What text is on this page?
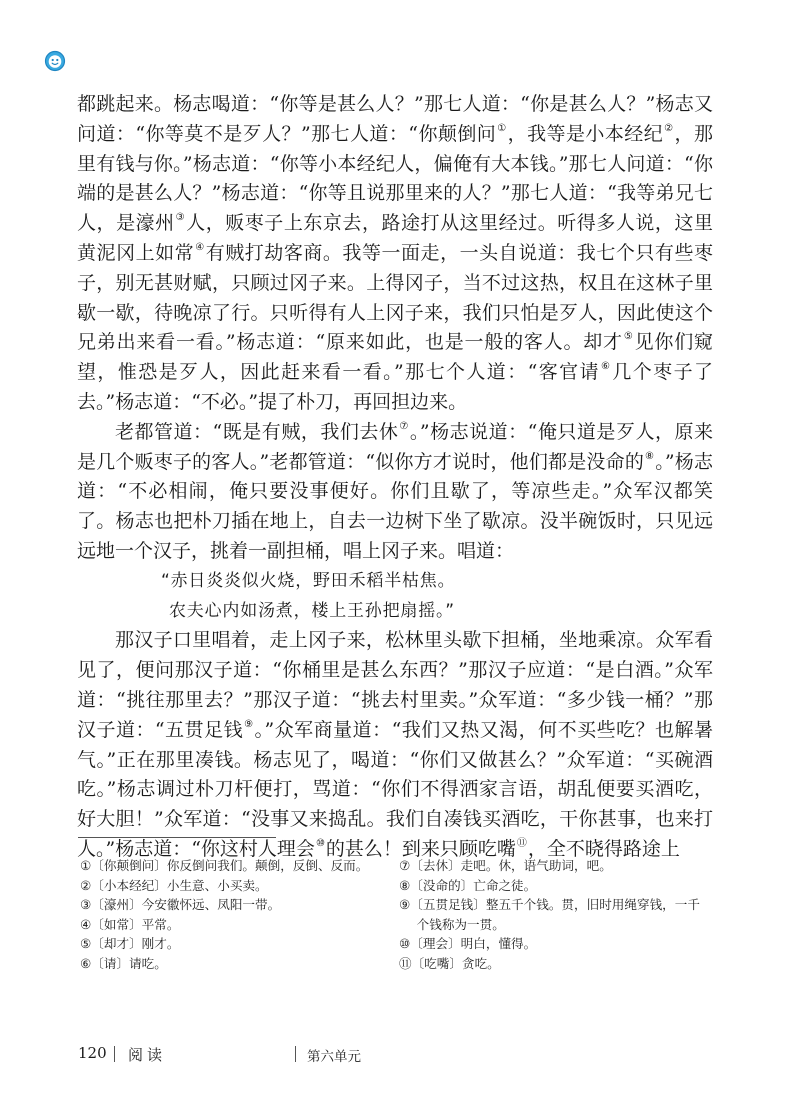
都跳起来。杨志喝道：“你等是甚么人？”那七人道：“你是甚么人？”杨志又问道：“你等莫不是歹人？”那七人道：“你颠倒问①，我等是小本经纪②，那里有钱与你。”杨志道：“你等小本经纪人，偏俺有大本钱。”那七人问道：“你端的是甚么人？”杨志道：“你等且说那里来的人？”那七人道：“我等弟兄七人，是濠州③人，贩枣子上东京去，路途打从这里经过。听得多人说，这里黄泥冈上如常④有贼打劫客商。我等一面走，一头自说道：我七个只有些枣子，别无甚财赋，只顾过冈子来。上得冈子，当不过这热，权且在这林子里歇一歇，待晚凉了行。只听得有人上冈子来，我们只怕是歹人，因此使这个兄弟出来看一看。”杨志道：“原来如此，也是一般的客人。却才⑤见你们窥望，惟恐是歹人，因此赶来看一看。”那七个人道：“客官请⑥几个枣子了去。”杨志道：“不必。”提了朴刀，再回担边来。

老都管道：“既是有贼，我们去休⑦。”杨志说道：“俺只道是歹人，原来是几个贩枣子的客人。”老都管道：“似你方才说时，他们都是没命的⑧。”杨志道：“不必相闹，俺只要没事便好。你们且歇了，等凉些走。”众军汉都笑了。杨志也把朴刀插在地上，自去一边树下坐了歇凉。没半碗饭时，只见远远地一个汉子，挑着一副担桶，唱上冈子来。唱道：

“赤日炎炎似火烧，野田禾稻半枯焦。
农夫心内如汤煮，楼上王孙把扇摇。”

那汉子口里唱着，走上冈子来，松林里头歇下担桶，坐地乘凉。众军看见了，便问那汉子道：“你桶里是甚么东西？”那汉子应道：“是白酒。”众军道：“挑往那里去？”那汉子道：“挑去村里卖。”众军道：“多少钱一桶？”那汉子道：“五贯足钱⑨。”众军商量道：“我们又热又渴，何不买些吃？也解暑气。”正在那里凑钱。杨志见了，喝道：“你们又做甚么？”众军道：“买碗酒吃。”杨志调过朴刀杆便打，骂道：“你们不得洒家言语，胡乱便要买酒吃，好大胆！”众军道：“没事又来捣乱。我们自凑钱买酒吃，干你甚事，也来打人。”杨志道：“你这村人理会⑩的甚么！到来只顾吃嘴⑪，全不晓得路途上

①〔你颠倒问〕你反倒问我们。颠倒，反倒、反而。

②〔小本经纪〕小生意、小买卖。

③〔濠州〕今安徽怀远、凤阳一带。

④〔如常〕平常。

⑤〔却才〕刚才。

⑥〔请〕请吃。

⑦〔去休〕走吧。休，语气助词，吧。

⑧〔没命的〕亡命之徒。

⑨〔五贯足钱〕整五千个钱。贯，旧时用绳穿钱，一千个钱称为一贯。

⑩〔理会〕明白，懂得。

⑪〔吃嘴〕贪吃。

120 阅读	第六单元
